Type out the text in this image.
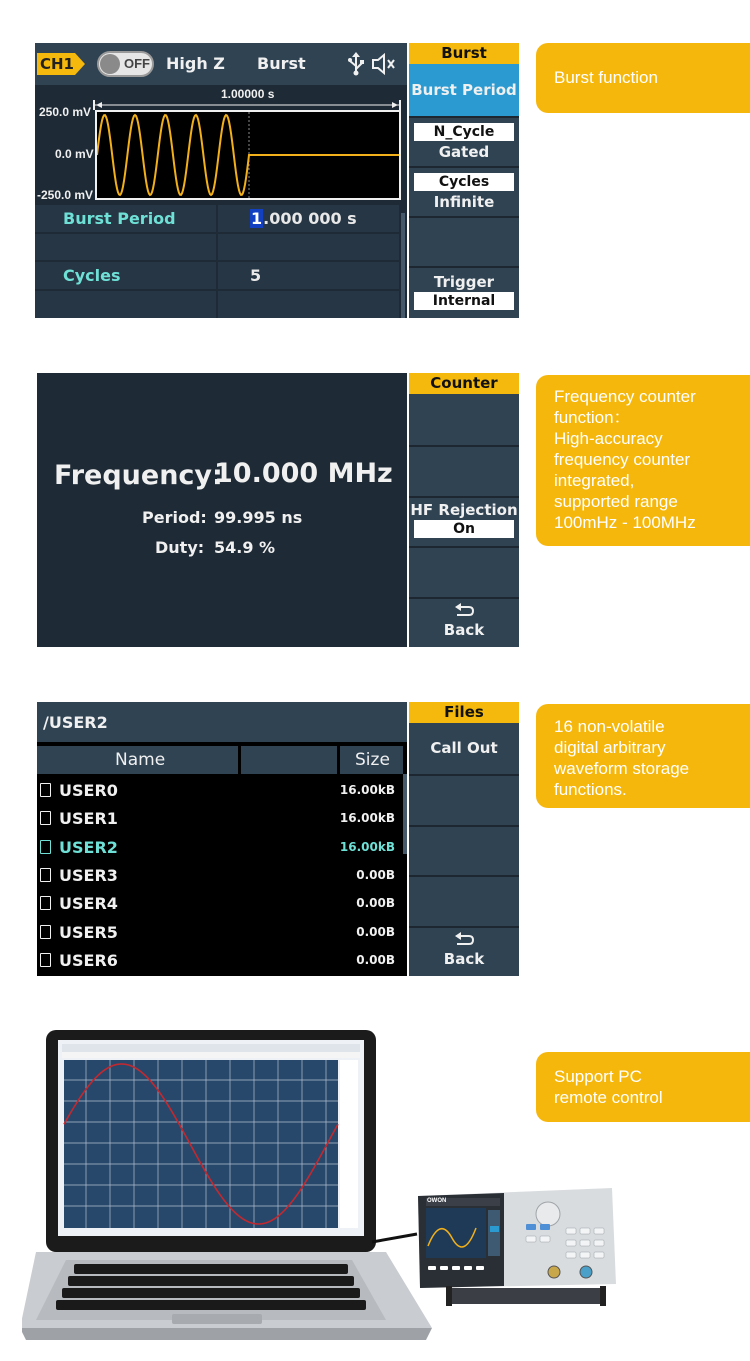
CH1	OFF High Z Burst
1.00000 s
250.0 mV
0.0 mV
-250.0 mV
Burst Period	1.000 000 s
Cycles	5
Burst
Burst Period
N_Cycle
Gated
Cycles
Infinite
Trigger
Internal
Burst function
Frequency:
10.000 MHz
Period: 99.995 ns
Duty: 54.9 %
Counter
HF Rejection
On
Back
Frequency counter
function：
High-accuracy
frequency counter
integrated,
supported range
100mHz - 100MHz
/USER2
Name	Size
USER0	16.00kB
USER1	16.00kB
USER2	16.00kB
USER3	0.00B
USER4	0.00B
USER5	0.00B
USER6	0.00B
Files
Call Out
Back
16 non-volatile
digital arbitrary
waveform storage
functions.
OWON
Support PC
remote control
